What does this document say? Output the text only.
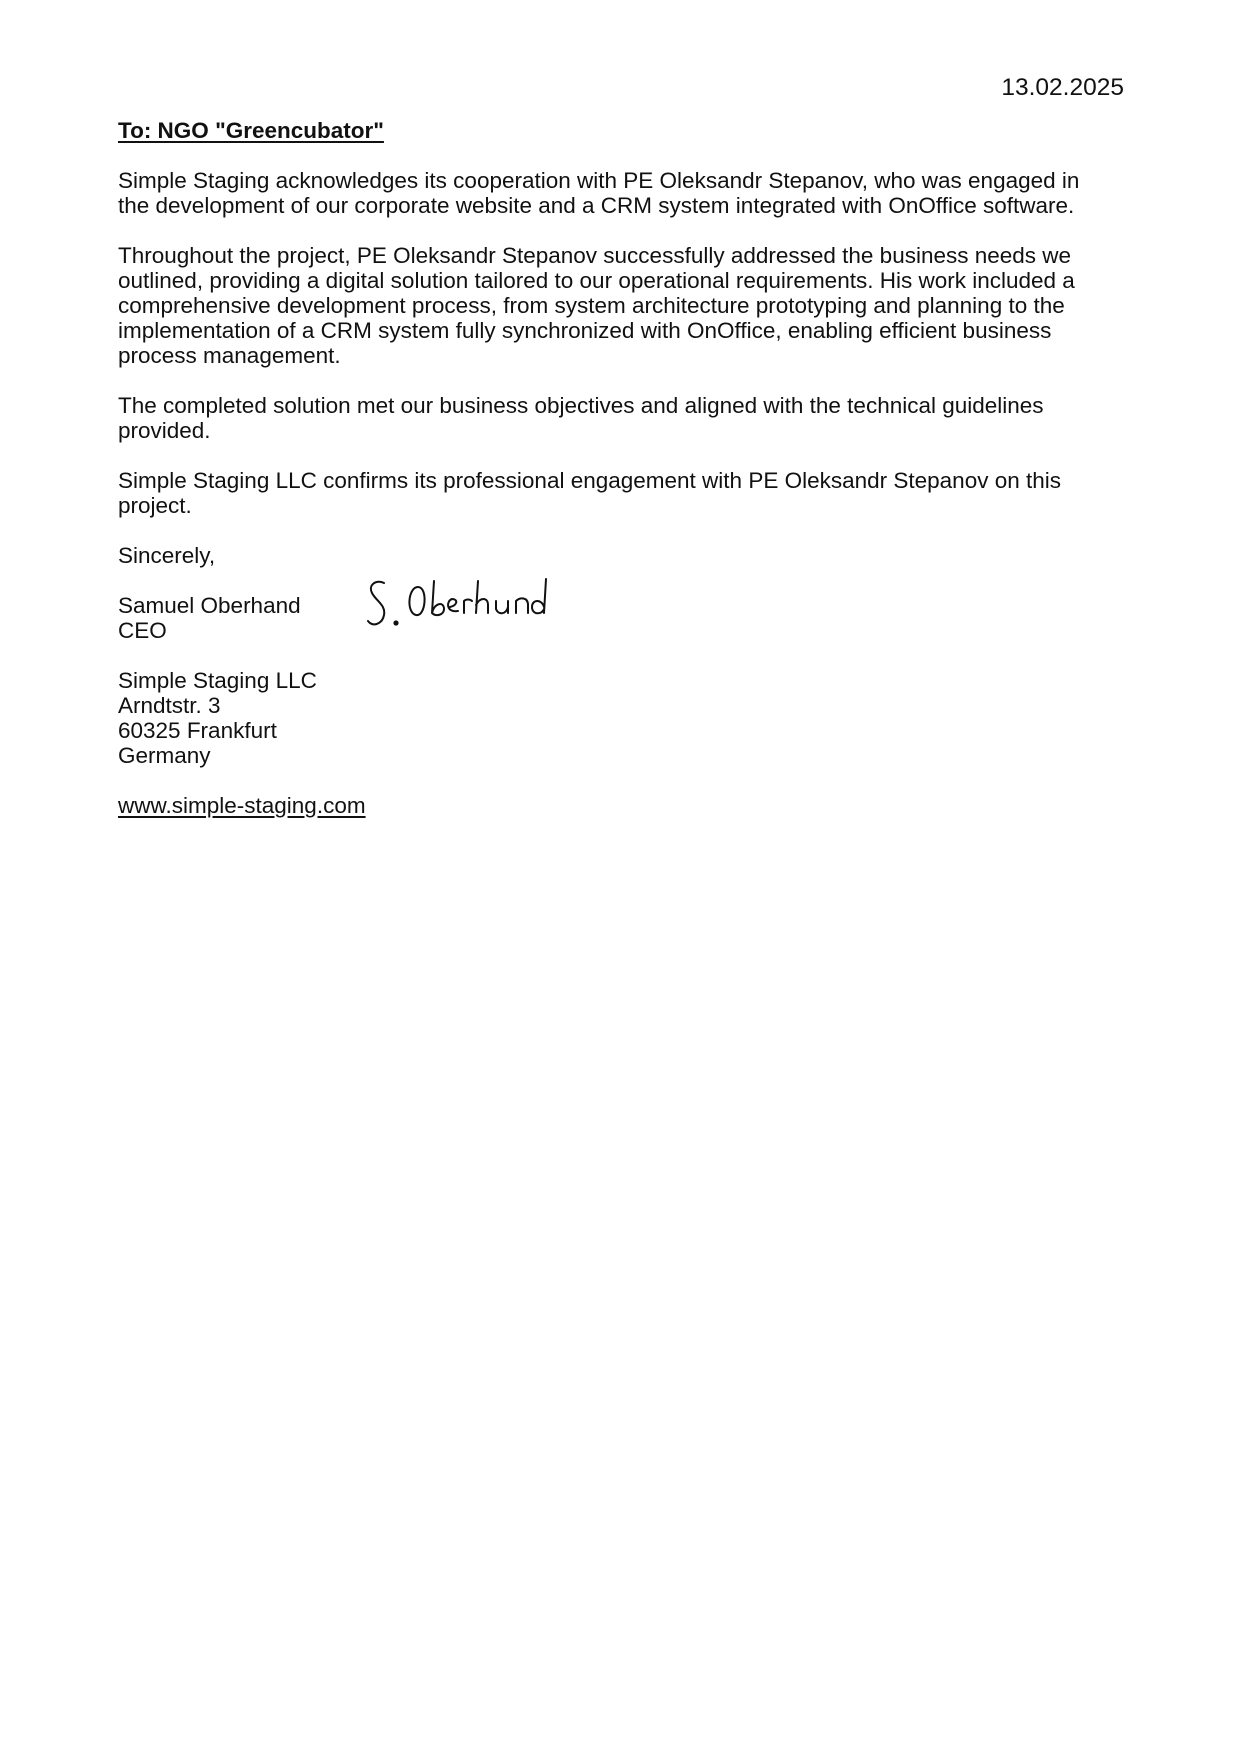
13.02.2025

To: NGO "Greencubator"

Simple Staging acknowledges its cooperation with PE Oleksandr Stepanov, who was engaged in the development of our corporate website and a CRM system integrated with OnOffice software.

Throughout the project, PE Oleksandr Stepanov successfully addressed the business needs we outlined, providing a digital solution tailored to our operational requirements. His work included a comprehensive development process, from system architecture prototyping and planning to the implementation of a CRM system fully synchronized with OnOffice, enabling efficient business process management.

The completed solution met our business objectives and aligned with the technical guidelines provided.

Simple Staging LLC confirms its professional engagement with PE Oleksandr Stepanov on this project.

Sincerely,

Samuel Oberhand

CEO

Simple Staging LLC

Arndtstr. 3

60325 Frankfurt

Germany

www.simple-staging.com
